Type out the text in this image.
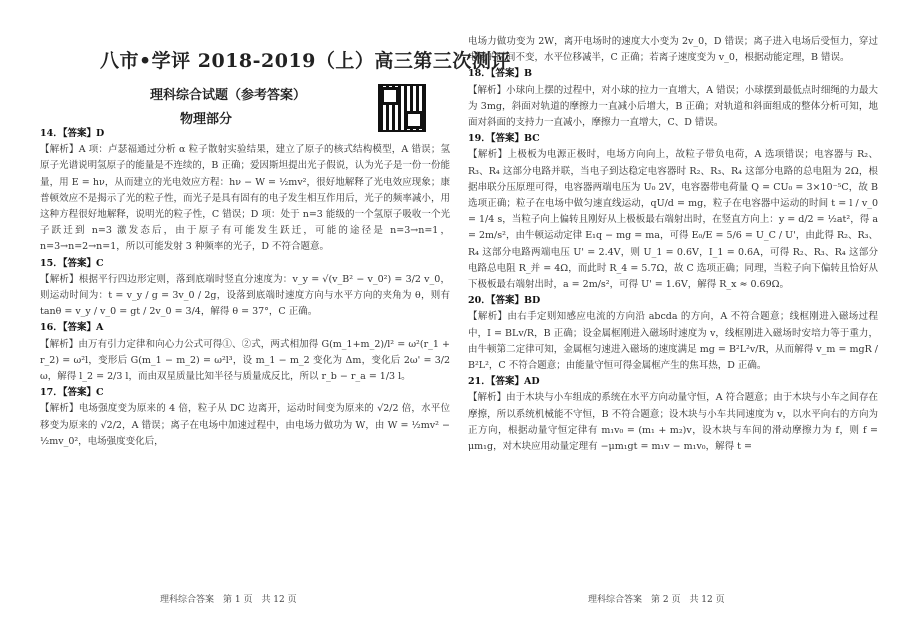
八市•学评 2018-2019（上）高三第三次测评
理科综合试题（参考答案）
物理部分

14．【答案】D

【解析】A 项：卢瑟福通过分析 α 粒子散射实验结果，建立了原子的核式结构模型，A 错误；氢原子光谱说明氢原子的能量是不连续的，B 正确；爱因斯坦提出光子假说，认为光子是一份一份能量，用 E = hν，从而建立的光电效应方程：hν − W = ½mv²，很好地解释了光电效应现象；康普顿效应不是揭示了光的粒子性，而光子是具有固有的电子发生相互作用后，光子的频率减小，用这种方程很好地解释，说明光的粒子性，C 错误；D 项：处于 n=3 能级的一个氢原子吸收一个光子跃迁到 n=3 激发态后，由于原子有可能发生跃迁，可能的途径是 n=3→n=1，n=3→n=2→n=1，所以可能发射 3 种频率的光子，D 不符合题意。

15．【答案】C

【解析】根据平行四边形定则，落到底端时竖直分速度为：v_y = √(v_B² − v_0²) = 3/2 v_0，则运动时间为：t = v_y / g = 3v_0 / 2g，设落到底端时速度方向与水平方向的夹角为 θ，则有 tanθ = v_y / v_0 = gt / 2v_0 = 3/4，解得 θ = 37°，C 正确。

16．【答案】A

【解析】由万有引力定律和向心力公式可得①、②式，两式相加得 G(m_1+m_2)/l² = ω²(r_1 + r_2) = ω²l，变形后 G(m_1 − m_2) = ω²l³，设 m_1 − m_2 变化为 Δm，变化后 2ω' = 3/2 ω，解得 l_2 = 2/3 l，而由双星质量比知半径与质量成反比，所以 r_b − r_a = 1/3 l。

17．【答案】C

【解析】电场强度变为原来的 4 倍，粒子从 DC 边离开，运动时间变为原来的 √2/2 倍，水平位移变为原来的 √2/2，A 错误；离子在电场中加速过程中，由电场力做功为 W，由 W = ½mv² − ½mv_0²，电场强度变化后，

理科综合答案　第 1 页　共 12 页

电场力做功变为 2W，离开电场时的速度大小变为 2v_0，D 错误；离子进入电场后受恒力，穿过电场的时间不变，水平位移减半，C 正确；若离子速度变为 v_0，根据动能定理，B 错误。

18．【答案】B

【解析】小球向上摆的过程中，对小球的拉力一直增大，A 错误；小球摆到最低点时细绳的力最大为 3mg，斜面对轨道的摩擦力一直减小后增大，B 正确；对轨道和斜面组成的整体分析可知，地面对斜面的支持力一直减小，摩擦力一直增大，C、D 错误。

19．【答案】BC

【解析】上极板为电源正极时，电场方向向上，故粒子带负电荷，A 选项错误；电容器与 R₂、R₃、R₄ 这部分电路并联，当电子到达稳定电容器时 R₂、R₃、R₄ 这部分电路的总电阻为 2Ω，根据串联分压原理可得，电容器两端电压为 U₀ 2V，电容器带电荷量 Q = CU₀ = 3×10⁻⁵C，故 B 选项正确；粒子在电场中做匀速直线运动，qU/d = mg，粒子在电容器中运动的时间 t = l / v_0 = 1/4 s，当粒子向上偏转且刚好从上极板最右端射出时，在竖直方向上：y = d/2 = ½at²，得 a = 2m/s²，由牛顿运动定律 E₁q − mg = ma，可得 E₀/E = 5/6 = U_C / U'，由此得 R₂、R₃、R₄ 这部分电路两端电压 U' = 2.4V，则 U_1 = 0.6V，I_1 = 0.6A，可得 R₂、R₃、R₄ 这部分电路总电阻 R_并 = 4Ω，而此时 R_4 = 5.7Ω，故 C 选项正确；同理，当粒子向下偏转且恰好从下极板最右端射出时，a = 2m/s²，可得 U' = 1.6V，解得 R_x ≈ 0.69Ω。

20．【答案】BD

【解析】由右手定则知感应电流的方向沿 abcda 的方向，A 不符合题意；线框刚进入磁场过程中，I = BLv/R，B 正确；设金属框刚进入磁场时速度为 v，线框刚进入磁场时安培力等于重力，由牛顿第二定律可知，金属框匀速进入磁场的速度满足 mg = B²L²v/R，从而解得 v_m = mgR / B²L²，C 不符合题意；由能量守恒可得金属框产生的焦耳热，D 正确。

21．【答案】AD

【解析】由于木块与小车组成的系统在水平方向动量守恒，A 符合题意；由于木块与小车之间存在摩擦，所以系统机械能不守恒，B 不符合题意；设木块与小车共同速度为 v，以水平向右的方向为正方向，根据动量守恒定律有 m₁v₀ = (m₁ + m₂)v，设木块与车间的滑动摩擦力为 f，则 f = μm₁g，对木块应用动量定理有 −μm₁gt = m₁v − m₁v₀，解得 t =

理科综合答案　第 2 页　共 12 页
